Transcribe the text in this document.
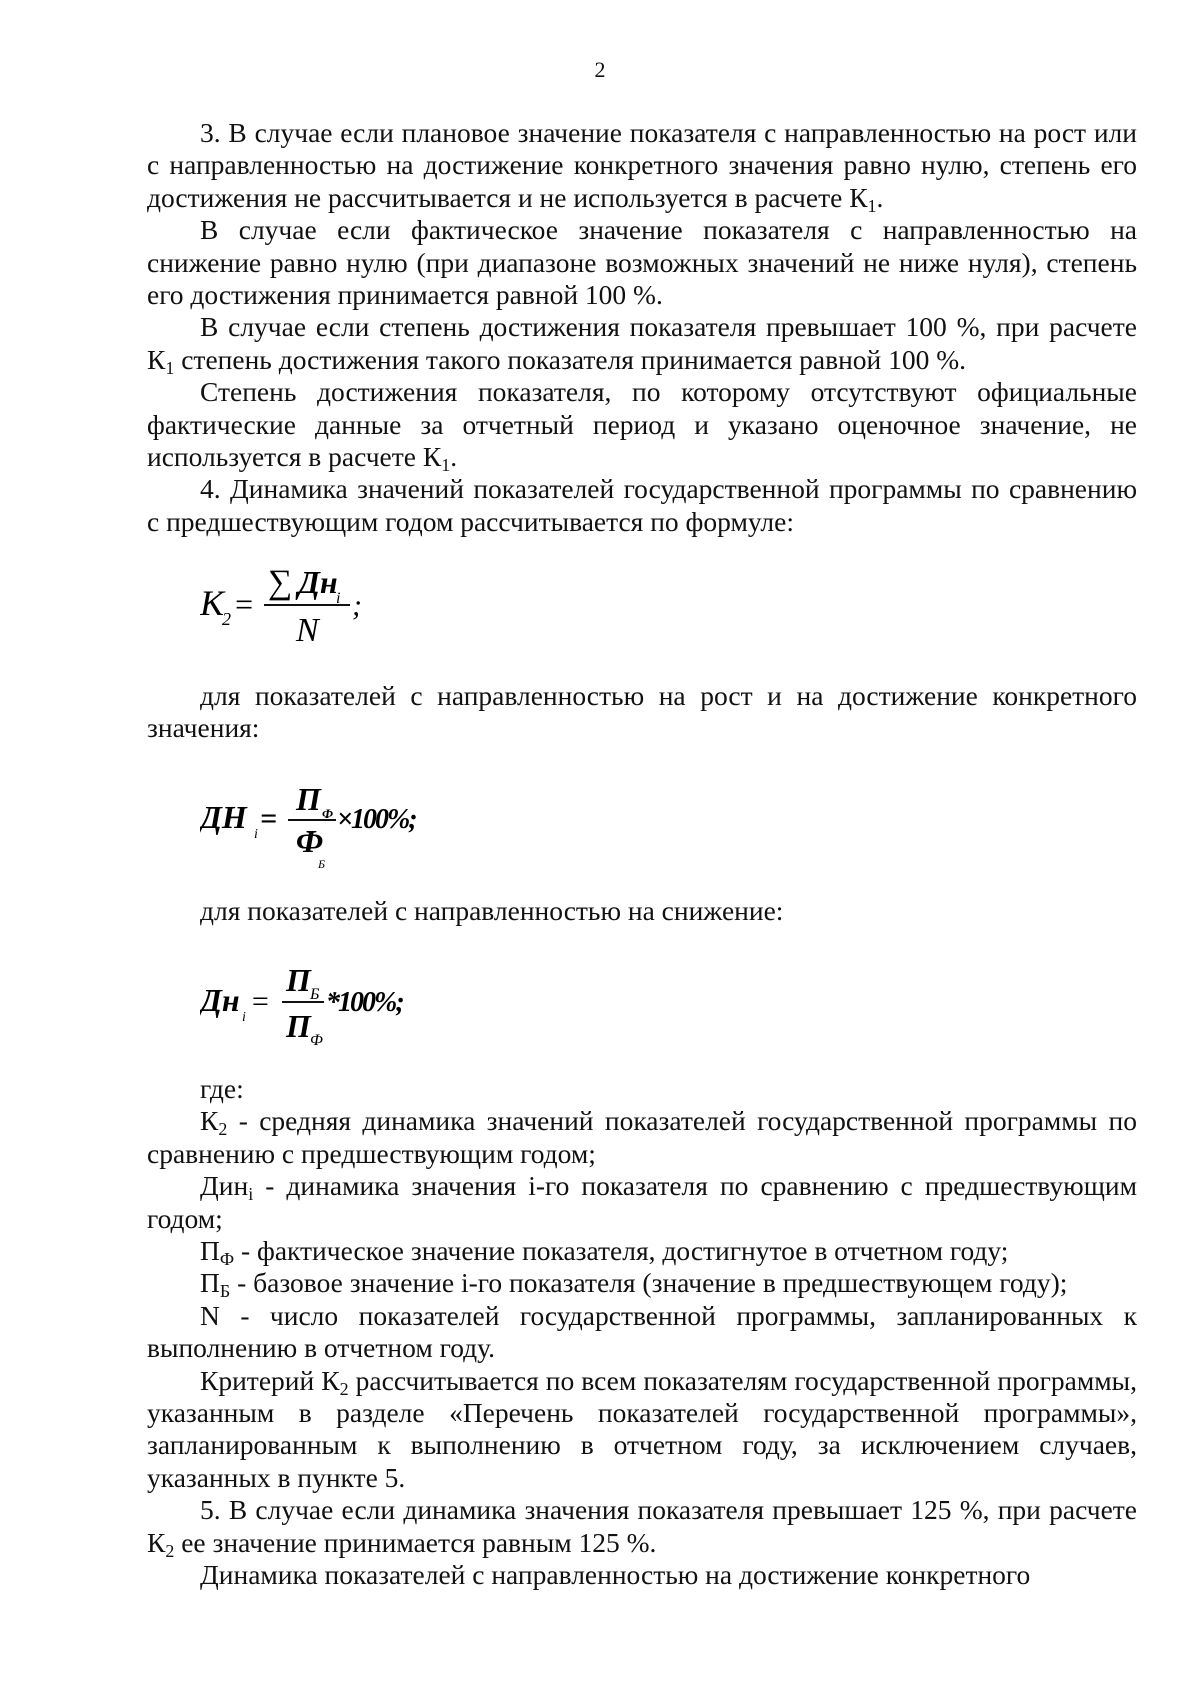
2

3. В случае если плановое значение показателя с направленностью на рост или с направленностью на достижение конкретного значения равно нулю, степень его достижения не рассчитывается и не используется в расчете $К_1$.

В случае если фактическое значение показателя с направленностью на снижение равно нулю (при диапазоне возможных значений не ниже нуля), степень его достижения принимается равной 100 %.

В случае если степень достижения показателя превышает 100 %, при расчете $К_1$ степень достижения такого показателя принимается равной 100 %.

Степень достижения показателя, по которому отсутствуют официальные фактические данные за отчетный период и указано оценочное значение, не используется в расчете $К_1$.

4. Динамика значений показателей государственной программы по сравнению с предшествующим годом рассчитывается по формуле:

K
2 =
∑ Дн
i
N
;

для показателей с направленностью на рост и на достижение конкретного значения:

ДН i =
П Ф
Ф
Б
×100%;

для показателей с направленностью на снижение:

Дн i =
П Б
П Ф
*100%;

где:

$К_2$ - средняя динамика значений показателей государственной программы по сравнению с предшествующим годом;

Дин$_i$ - динамика значения i-го показателя по сравнению с предшествующим годом;

$П_Ф$ - фактическое значение показателя, достигнутое в отчетном году;

$П_Б$ - базовое значение i-го показателя (значение в предшествующем году);

N - число показателей государственной программы, запланированных к выполнению в отчетном году.

Критерий $К_2$ рассчитывается по всем показателям государственной программы, указанным в разделе «Перечень показателей государственной программы», запланированным к выполнению в отчетном году, за исключением случаев, указанных в пункте 5.

5. В случае если динамика значения показателя превышает 125 %, при расчете $К_2$ ее значение принимается равным 125 %.

Динамика показателей с направленностью на достижение конкретного
